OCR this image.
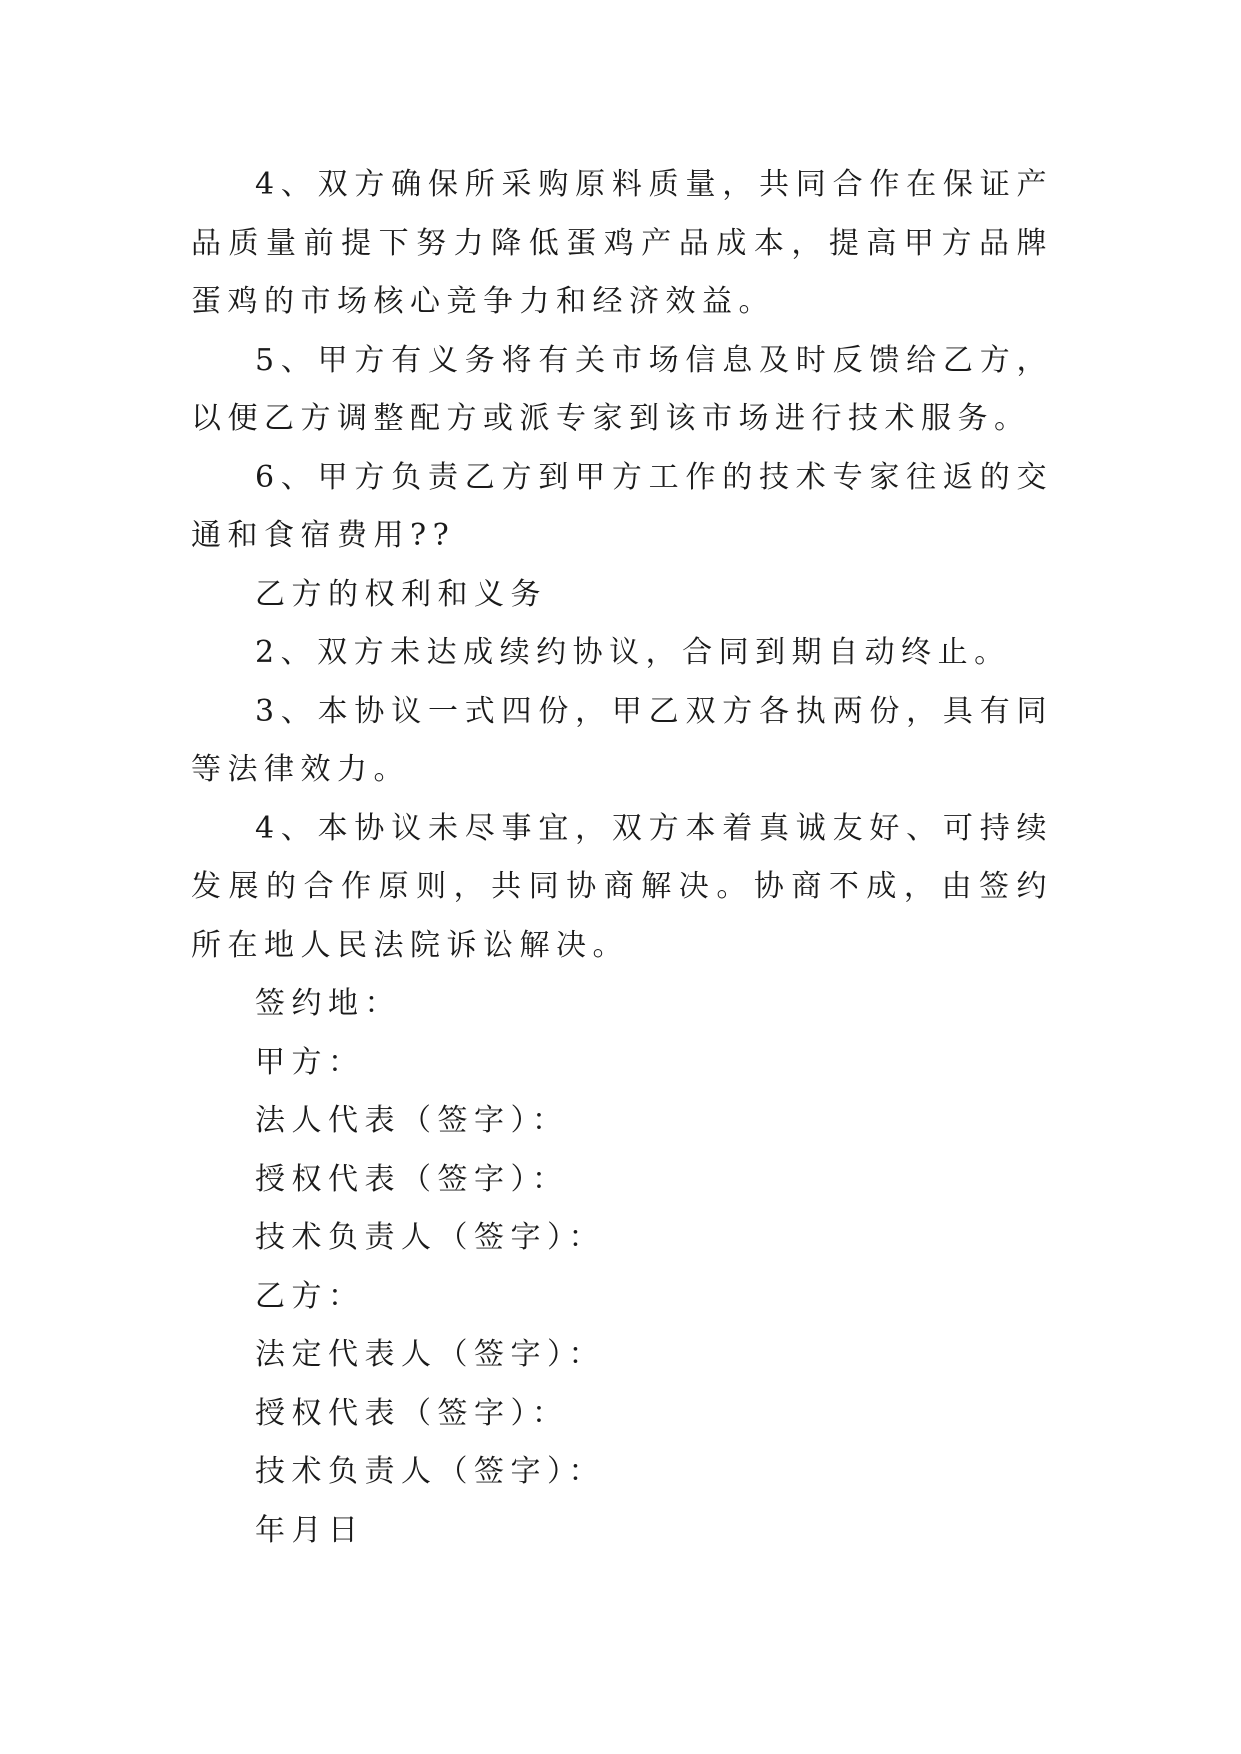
4、双方确保所采购原料质量，共同合作在保证产品质量前提下努力降低蛋鸡产品成本，提高甲方品牌蛋鸡的市场核心竞争力和经济效益。

5、甲方有义务将有关市场信息及时反馈给乙方，以便乙方调整配方或派专家到该市场进行技术服务。

6、甲方负责乙方到甲方工作的技术专家往返的交通和食宿费用??

乙方的权利和义务

2、双方未达成续约协议，合同到期自动终止。

3、本协议一式四份，甲乙双方各执两份，具有同等法律效力。

4、本协议未尽事宜，双方本着真诚友好、可持续发展的合作原则，共同协商解决。协商不成，由签约所在地人民法院诉讼解决。

签约地：

甲方：

法人代表（签字）：

授权代表（签字）：

技术负责人（签字）：

乙方：

法定代表人（签字）：

授权代表（签字）：

技术负责人（签字）：

年月日
